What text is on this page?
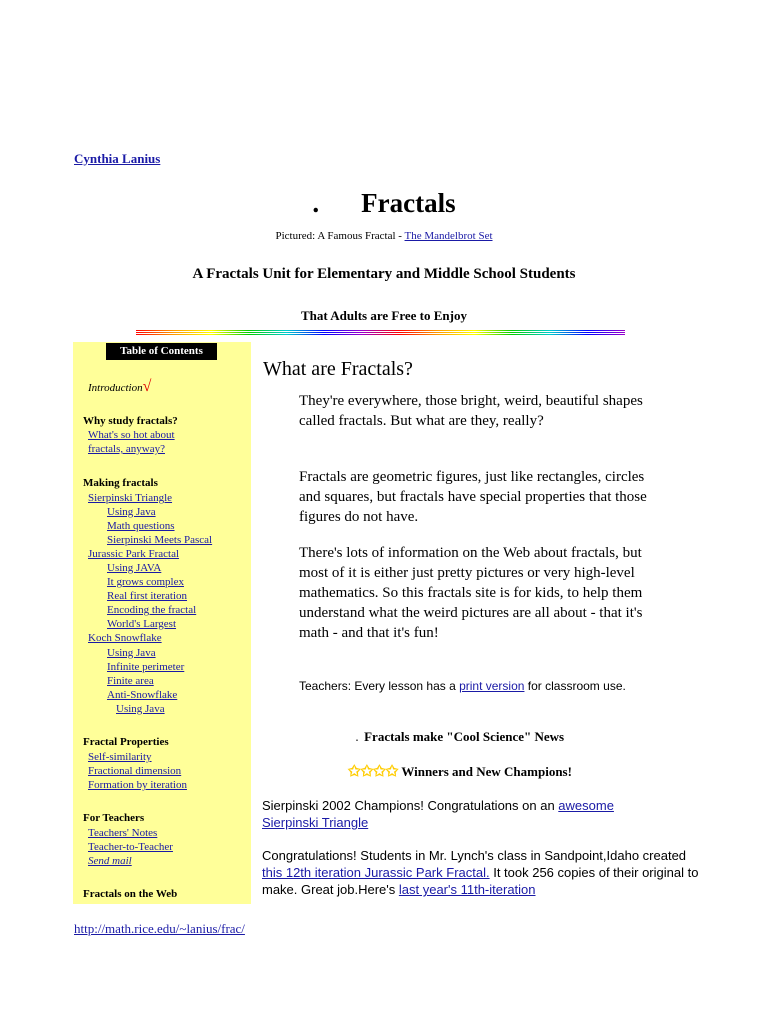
Cynthia Lanius
. Fractals
Pictured: A Famous Fractal - The Mandelbrot Set
A Fractals Unit for Elementary and Middle School Students
That Adults are Free to Enjoy
Table of Contents
Introduction√
Why study fractals?
What's so hot about
fractals, anyway?
Making fractals
Sierpinski Triangle
Using Java
Math questions
Sierpinski Meets Pascal
Jurassic Park Fractal
Using JAVA
It grows complex
Real first iteration
Encoding the fractal
World's Largest
Koch Snowflake
Using Java
Infinite perimeter
Finite area
Anti-Snowflake
Using Java
Fractal Properties
Self-similarity
Fractional dimension
Formation by iteration
For Teachers
Teachers' Notes
Teacher-to-Teacher
Send mail
Fractals on the Web
What are Fractals?
They're everywhere, those bright, weird, beautiful shapes called fractals. But what are they, really?
Fractals are geometric figures, just like rectangles, circles and squares, but fractals have special properties that those figures do not have.
There's lots of information on the Web about fractals, but most of it is either just pretty pictures or very high-level mathematics. So this fractals site is for kids, to help them understand what the weird pictures are all about - that it's math - and that it's fun!
Teachers: Every lesson has a print version for classroom use.
. Fractals make "Cool Science" News
✩✩✩✩ Winners and New Champions!
Sierpinski 2002 Champions! Congratulations on an awesome Sierpinski Triangle
Congratulations! Students in Mr. Lynch's class in Sandpoint,Idaho created this 12th iteration Jurassic Park Fractal. It took 256 copies of their original to make. Great job.Here's last year's 11th-iteration
http://math.rice.edu/~lanius/frac/
